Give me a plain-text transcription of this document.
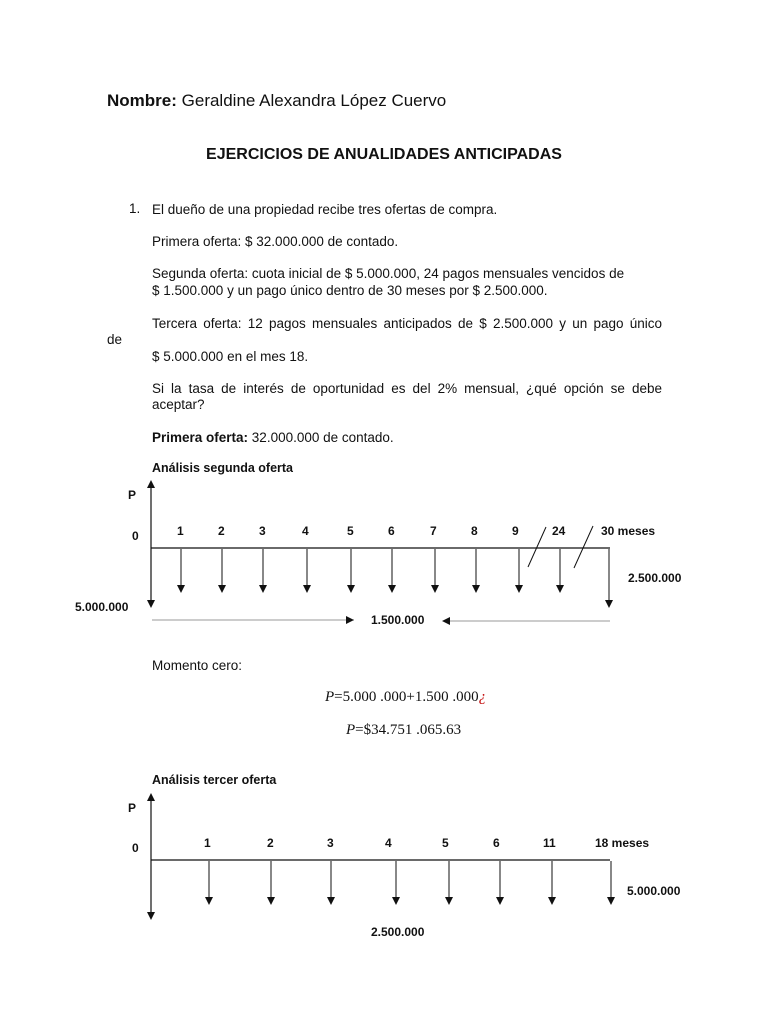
Nombre: Geraldine Alexandra López Cuervo
EJERCICIOS DE ANUALIDADES ANTICIPADAS
1. El dueño de una propiedad recibe tres ofertas de compra.
Primera oferta: $ 32.000.000 de contado.
Segunda oferta: cuota inicial de $ 5.000.000, 24 pagos mensuales vencidos de
$ 1.500.000 y un pago único dentro de 30 meses por $ 2.500.000.
Tercera oferta: 12 pagos mensuales anticipados de $ 2.500.000 y un pago único
de
$ 5.000.000 en el mes 18.
Si la tasa de interés de oportunidad es del 2% mensual, ¿qué opción se debe
aceptar?
Primera oferta: 32.000.000 de contado.
Análisis segunda oferta
P
0	1	2	3	4	5	6	7	8	9	24	30 meses
5.000.000
2.500.000
1.500.000
P
0	1	2	3	4	5	6	11	18 meses
5.000.000
2.500.000
Momento cero:
P=5.000 .000+1.500 .000¿
P=$34.751 .065.63
Análisis tercer oferta
